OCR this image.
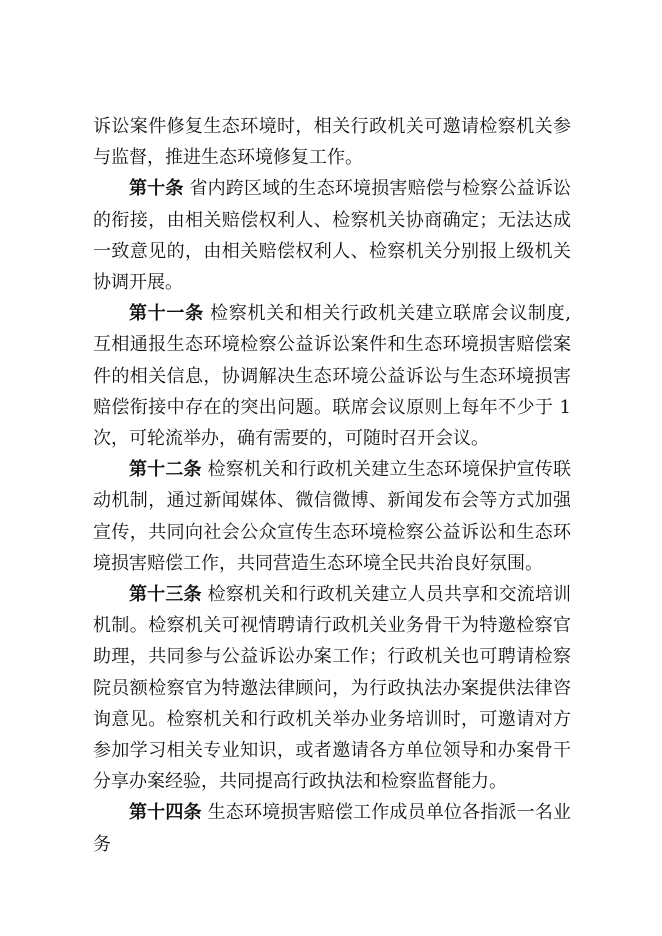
诉讼案件修复生态环境时，相关行政机关可邀请检察机关参与监督，推进生态环境修复工作。

第十条 省内跨区域的生态环境损害赔偿与检察公益诉讼的衔接，由相关赔偿权利人、检察机关协商确定；无法达成一致意见的，由相关赔偿权利人、检察机关分别报上级机关协调开展。

第十一条 检察机关和相关行政机关建立联席会议制度,互相通报生态环境检察公益诉讼案件和生态环境损害赔偿案件的相关信息，协调解决生态环境公益诉讼与生态环境损害赔偿衔接中存在的突出问题。联席会议原则上每年不少于 1 次，可轮流举办，确有需要的，可随时召开会议。

第十二条 检察机关和行政机关建立生态环境保护宣传联动机制，通过新闻媒体、微信微博、新闻发布会等方式加强宣传，共同向社会公众宣传生态环境检察公益诉讼和生态环境损害赔偿工作，共同营造生态环境全民共治良好氛围。

第十三条 检察机关和行政机关建立人员共享和交流培训机制。检察机关可视情聘请行政机关业务骨干为特邀检察官助理，共同参与公益诉讼办案工作；行政机关也可聘请检察院员额检察官为特邀法律顾问，为行政执法办案提供法律咨询意见。检察机关和行政机关举办业务培训时，可邀请对方参加学习相关专业知识，或者邀请各方单位领导和办案骨干分享办案经验，共同提高行政执法和检察监督能力。

第十四条 生态环境损害赔偿工作成员单位各指派一名业务
